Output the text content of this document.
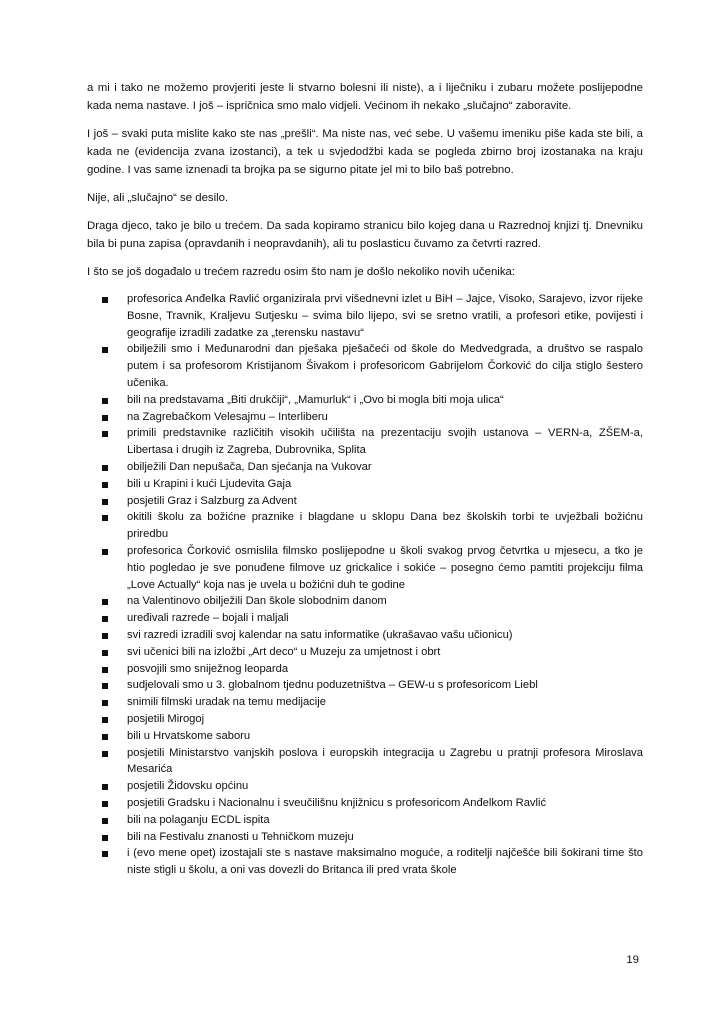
a mi i tako ne možemo provjeriti jeste li stvarno bolesni ili niste), a i liječniku i zubaru možete poslijepodne kada nema nastave. I još – ispričnica smo malo vidjeli. Većinom ih nekako „slučajno“ zaboravite.

I još – svaki puta mislite kako ste nas „prešli“. Ma niste nas, već sebe. U vašemu imeniku piše kada ste bili, a kada ne (evidencija zvana izostanci), a tek u svjedodžbi kada se pogleda zbirno broj izostanaka na kraju godine. I vas same iznenadi ta brojka pa se sigurno pitate jel mi to bilo baš potrebno.

Nije, ali „slučajno“ se desilo.

Draga djeco, tako je bilo u trećem. Da sada kopiramo stranicu bilo kojeg dana u Razrednoj knjizi tj. Dnevniku bila bi puna zapisa (opravdanih i neopravdanih), ali tu poslasticu čuvamo za četvrti razred.

I što se još događalo u trećem razredu osim što nam je došlo nekoliko novih učenika:

profesorica Anđelka Ravlić organizirala prvi višednevni izlet u BiH – Jajce, Visoko, Sarajevo, izvor rijeke Bosne, Travnik, Kraljevu Sutjesku – svima bilo lijepo, svi se sretno vratili, a profesori etike, povijesti i geografije izradili zadatke za „terensku nastavu“
obilježili smo i Međunarodni dan pješaka pješačeći od škole do Medvedgrada, a društvo se raspalo putem i sa profesorom Kristijanom Šivakom i profesoricom Gabrijelom Čorković do cilja stiglo šestero učenika.
bili na predstavama „Biti drukčiji“, „Mamurluk“ i „Ovo bi mogla biti moja ulica“
na Zagrebačkom Velesajmu – Interliberu
primili predstavnike različitih visokih učilišta na prezentaciju svojih ustanova – VERN-a, ZŠEM-a, Libertasa i drugih iz Zagreba, Dubrovnika, Splita
obilježili Dan nepušača, Dan sjećanja na Vukovar
bili u Krapini i kući Ljudevita Gaja
posjetili Graz i Salzburg za Advent
okitili školu za božićne praznike i blagdane u sklopu Dana bez školskih torbi te uvježbali božićnu priredbu
profesorica Čorković osmislila filmsko poslijepodne u školi svakog prvog četvrtka u mjesecu, a tko je htio pogledao je sve ponuđene filmove uz grickalice i sokiće – posegno ćemo pamtiti projekciju filma „Love Actually“ koja nas je uvela u božićni duh te godine
na Valentinovo obilježili Dan škole slobodnim danom
uređivali razrede – bojali i maljali
svi razredi izradili svoj kalendar na satu informatike (ukrašavao vašu učionicu)
svi učenici bili na izložbi „Art deco“ u Muzeju za umjetnost i obrt
posvojili smo sniježnog leoparda
sudjelovali smo u 3. globalnom tjednu poduzetništva – GEW-u s profesoricom Liebl
snimili filmski uradak na temu medijacije
posjetili Mirogoj
bili u Hrvatskome saboru
posjetili Ministarstvo vanjskih poslova i europskih integracija u Zagrebu u pratnji profesora Miroslava Mesarića
posjetili Židovsku općinu
posjetili Gradsku i Nacionalnu i sveučilišnu knjižnicu s profesoricom Anđelkom Ravlić
bili na polaganju ECDL ispita
bili na Festivalu znanosti u Tehničkom muzeju
i (evo mene opet) izostajali ste s nastave maksimalno moguće, a roditelji najčešće bili šokirani time što niste stigli u školu, a oni vas dovezli do Britanca ili pred vrata škole
19
